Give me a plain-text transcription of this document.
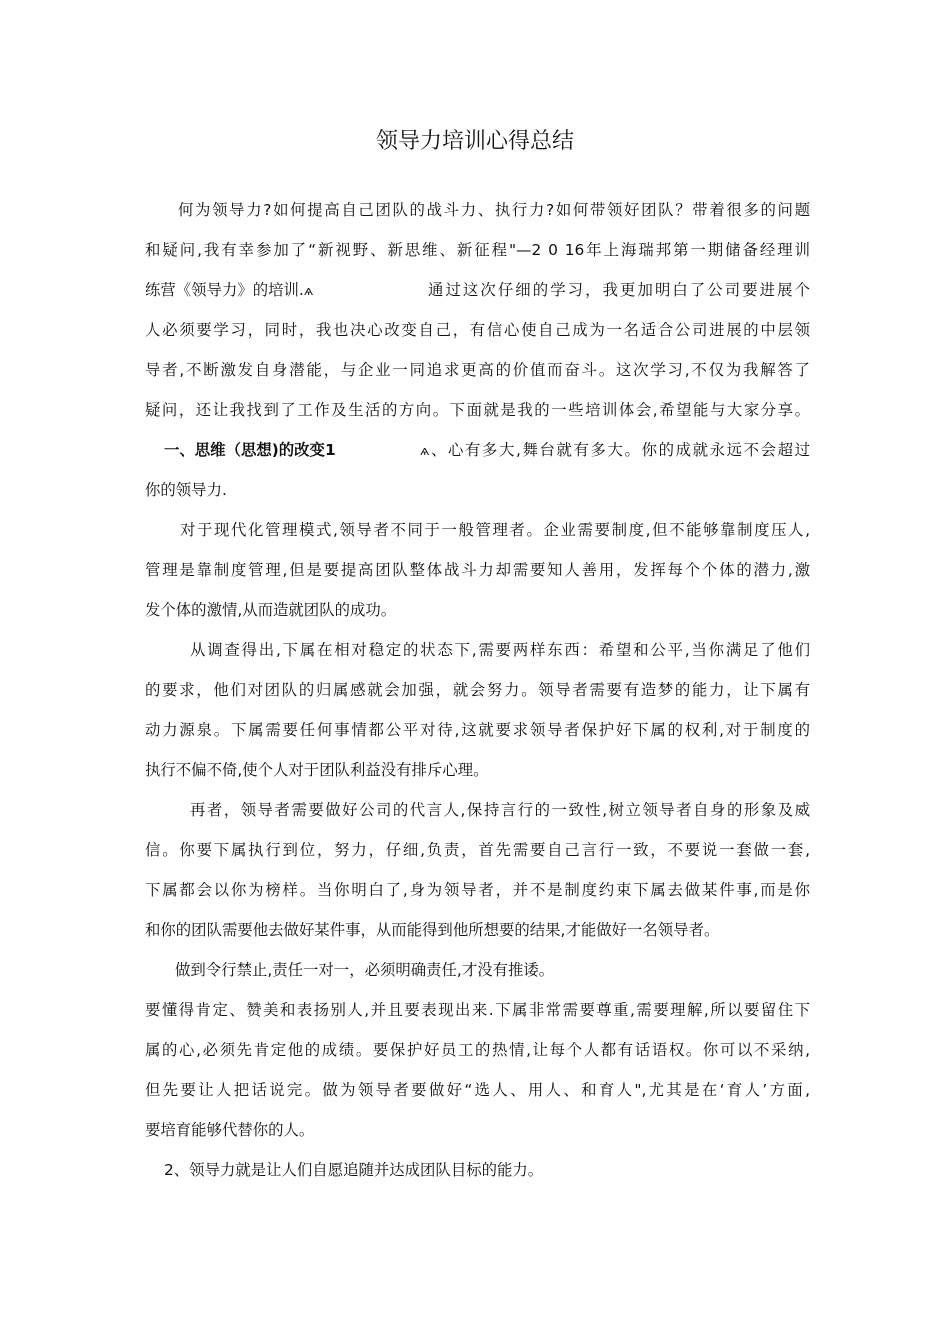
领导力培训心得总结
何为领导力?如何提高自己团队的战斗力、执行力?如何带领好团队？带着很多的问题
和疑问,我有幸参加了“新视野、新思维、新征程"—2 0 16年上海瑞邦第一期储备经理训
练营《领导力》的培训.ѧ	通过这次仔细的学习，我更加明白了公司要进展个
人必须要学习，同时，我也决心改变自己，有信心使自己成为一名适合公司进展的中层领
导者,不断激发自身潜能，与企业一同追求更高的价值而奋斗。这次学习,不仅为我解答了
疑问，还让我找到了工作及生活的方向。下面就是我的一些培训体会,希望能与大家分享。
一、思维（思想)的改变1	ѧ、心有多大,舞台就有多大。你的成就永远不会超过
你的领导力.
对于现代化管理模式,领导者不同于一般管理者。企业需要制度,但不能够靠制度压人,
管理是靠制度管理,但是要提高团队整体战斗力却需要知人善用，发挥每个个体的潜力,激
发个体的激情,从而造就团队的成功。
从调查得出,下属在相对稳定的状态下,需要两样东西：希望和公平,当你满足了他们
的要求，他们对团队的归属感就会加强，就会努力。领导者需要有造梦的能力，让下属有
动力源泉。下属需要任何事情都公平对待,这就要求领导者保护好下属的权利,对于制度的
执行不偏不倚,使个人对于团队利益没有排斥心理。
再者，领导者需要做好公司的代言人,保持言行的一致性,树立领导者自身的形象及威
信。你要下属执行到位，努力，仔细,负责，首先需要自己言行一致，不要说一套做一套,
下属都会以你为榜样。当你明白了,身为领导者，并不是制度约束下属去做某件事,而是你
和你的团队需要他去做好某件事，从而能得到他所想要的结果,才能做好一名领导者。
做到令行禁止,责任一对一，必须明确责任,才没有推诿。
要懂得肯定、赞美和表扬别人,并且要表现出来.下属非常需要尊重,需要理解,所以要留住下
属的心,必须先肯定他的成绩。要保护好员工的热情,让每个人都有话语权。你可以不采纳,
但先要让人把话说完。做为领导者要做好“选人、用人、和育人",尤其是在‘育人’方面,
要培育能够代替你的人。
2、领导力就是让人们自愿追随并达成团队目标的能力。
